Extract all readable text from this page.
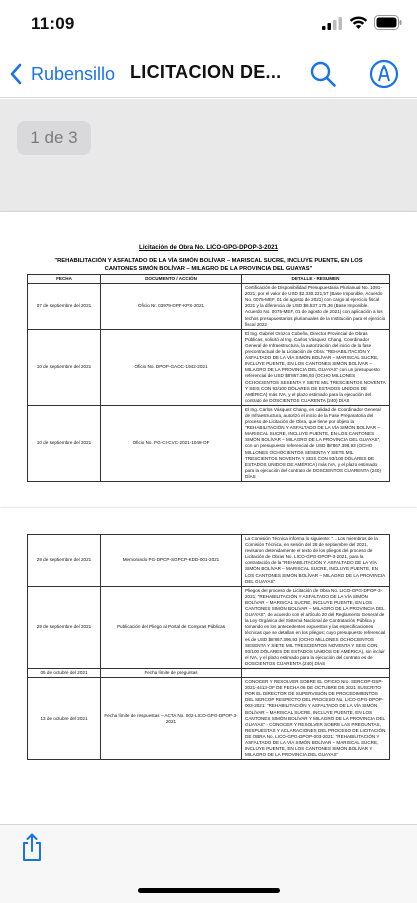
11:09
Rubensillo LICITACION DE...
1 de 3
Licitación de Obra No. LICO-GPG-DPOP-3-2021
"REHABILITACIÓN Y ASFALTADO DE LA VÍA SIMÓN BOLÍVAR – MARISCAL SUCRE, INCLUYE PUENTE, EN LOS CANTONES SIMÓN BOLÍVAR – MILAGRO DE LA PROVINCIA DEL GUAYAS"
FECHA	DOCUMENTO / ACCIÓN	DETALLE - RESUMEN
07 de septiembre del 2021	Oficio Nr. 03979-DPF-KPS-2021	Certificación de Disponibilidad Presupuestaria Plurianual No. 1091-2021; por el valor de USD $2.330.221,57 (Base Imponible, Acuerdo No. 0075-MEF, 01 de agosto de 2021) con cargo al ejercicio fiscal 2021 y la diferencia de USD $6.537.175,36 (Base Imponible, Acuerdo No. 0075-MEF, 01 de agosto de 2021) con aplicación a los techos presupuestarios plurianuales de la Institución para el ejercicio fiscal 2022
10 de septiembre del 2021	Oficio No. DPOP-GAOC-1942-2021	El Ing. Gabriel Orozco Cobeña, Director Provincial de Obras Públicas, solicitó al Ing. Carlos Vásquez Chang, Coordinador General de Infraestructura, la autorización del inicio de la fase precontractual de la Licitación de Obra: "REHABILITACIÓN Y ASFALTADO DE LA VÍA SIMÓN BOLÍVAR – MARISCAL SUCRE, INCLUYE PUENTE, EN LOS CANTONES SIMÓN BOLÍVAR – MILAGRO DE LA PROVINCIA DEL GUAYAS" con un presupuesto referencial de USD $8'867.396,93 (OCHO MILLONES OCHOCIENTOS SESENTA Y SIETE MIL TRESCIENTOS NOVENTA Y SEIS CON 93/100 DÓLARES DE ESTADOS UNIDOS DE AMÉRICA) más IVA, y el plazo estimado para la ejecución del contrato de DOSCIENTOS CUARENTA (240) DÍAS
10 de septiembre del 2021	Oficio No. PG-CI-CVC-2021-1048-OF	El Ing. Carlos Vásquez Chang, en calidad de Coordinador General de Infraestructura, autorizó el inicio de la Fase Preparatoria del proceso de Licitación de Obra, que tiene por objeto la "REHABILITACIÓN Y ASFALTADO DE LA VÍA SIMÓN BOLÍVAR – MARISCAL SUCRE, INCLUYE PUENTE, EN LOS CANTONES SIMÓN BOLÍVAR – MILAGRO DE LA PROVINCIA DEL GUAYAS", con un presupuesto referencial de USD $8'867.396,93 (OCHO MILLONES OCHOCIENTOS SESENTA Y SIETE MIL TRESCIENTOS NOVENTA Y SEIS CON 93/100 DÓLARES DE ESTADOS UNIDOS DE AMÉRICA) más IVA, y el plazo estimado para la ejecución del contrato de DOSCIENTOS CUARENTA (240) DÍAS
29 de septiembre del 2021	Memorando PG-DPCP-SGPCP-KDD-001-2021	La Comisión Técnica informa lo siguiente: "…Los miembros de la Comisión Técnica, en sesión del 28 de septiembre del 2021, revisaron detenidamente el texto de los pliegos del proceso de Licitación de Obras No. LICO-GPG-DPOP-3-2021, para la contratación de la "REHABILITACIÓN Y ASFALTADO DE LA VÍA SIMÓN BOLÍVAR – MARISCAL SUCRE, INCLUYE PUENTE, EN LOS CANTONES SIMÓN BOLÍVAR – MILAGRO DE LA PROVINCIA DEL GUAYAS"
29 de septiembre del 2021	Publicación del Pliego al Portal de Compras Públicas	Pliegos del proceso de Licitación de Obra No. LICO-GPG-DPOP-3-2021: "REHABILITACIÓN Y ASFALTADO DE LA VÍA SIMÓN BOLÍVAR – MARISCAL SUCRE, INCLUYE PUENTE, EN LOS CANTONES SIMÓN BOLÍVAR – MILAGRO DE LA PROVINCIA DEL GUAYAS", de acuerdo con el artículo 20 del Reglamento General de la Ley Orgánica del Sistema Nacional de Contratación Pública y tomando en los antecedentes expuestos y las especificaciones técnicas que se detallan en los pliegos; cuyo presupuesto referencial es de USD $8'867.396,93 (OCHO MILLONES OCHOCIENTOS SESENTA Y SIETE MIL TRESCIENTOS NOVENTA Y SEIS CON 93/100 DÓLARES DE ESTADOS UNIDOS DE AMÉRICA), sin incluir el IVA, y el plazo estimado para la ejecución del contrato es de DOSCIENTOS CUARENTA (240) DÍAS
05 de octubre del 2021	Fecha límite de preguntas	
13 de octubre del 2021	Fecha límite de respuestas – ACTA No. 002-LICO-GPG-DPOP-3-2021	CONOCER Y RESOLVER SOBRE EL OFICIO Nro. SERCOP-DSP-2021-4413-OF DE FECHA 06 DE OCTUBRE DE 2021 SUSCRITO POR EL DIRECTOR DE SUPERVISIÓN DE PROCEDIMIENTOS DEL SERCOP RESPECTO DEL PROCESO No. LICO-GPG-DPOP-003-2021: "REHABILITACIÓN Y ASFALTADO DE LA VÍA SIMÓN BOLÍVAR – MARISCAL SUCRE, INCLUYE PUENTE, EN LOS CANTONES SIMÓN BOLÍVAR Y MILAGRO DE LA PROVINCIA DEL GUAYAS" - CONOCER Y RESOLVER SOBRE LAS PREGUNTAS, RESPUESTAS Y ACLARACIONES DEL PROCESO DE LICITACIÓN DE OBRA No. LICO-GPG-DPOP-003-2021: "REHABILITACIÓN Y ASFALTADO DE LA VÍA SIMÓN BOLÍVAR – MARISCAL SUCRE, INCLUYE PUENTE, EN LOS CANTONES SIMÓN BOLÍVAR Y MILAGRO DE LA PROVINCIA DEL GUAYAS"
